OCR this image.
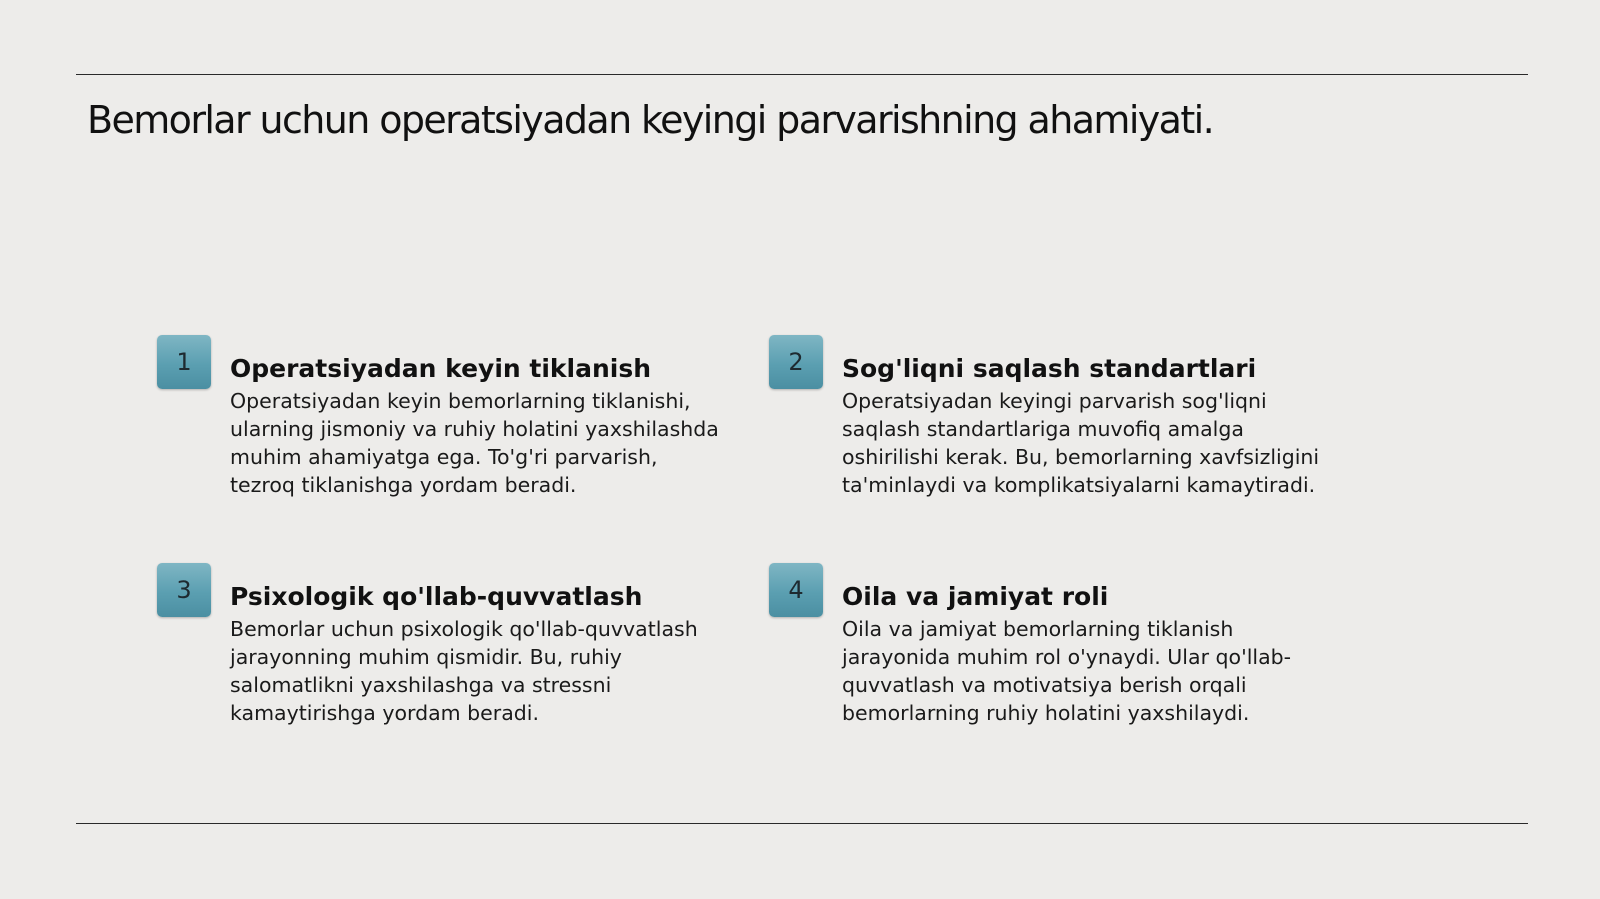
Bemorlar uchun operatsiyadan keyingi parvarishning ahamiyati.
1	Operatsiyadan keyin tiklanish

Operatsiyadan keyin bemorlarning tiklanishi,
ularning jismoniy va ruhiy holatini yaxshilashda
muhim ahamiyatga ega. To'g'ri parvarish,
tezroq tiklanishga yordam beradi.

2	Sog'liqni saqlash standartlari

Operatsiyadan keyingi parvarish sog'liqni
saqlash standartlariga muvofiq amalga
oshirilishi kerak. Bu, bemorlarning xavfsizligini
ta'minlaydi va komplikatsiyalarni kamaytiradi.

3	Psixologik qo'llab-quvvatlash

Bemorlar uchun psixologik qo'llab-quvvatlash
jarayonning muhim qismidir. Bu, ruhiy
salomatlikni yaxshilashga va stressni
kamaytirishga yordam beradi.

4	Oila va jamiyat roli

Oila va jamiyat bemorlarning tiklanish
jarayonida muhim rol o'ynaydi. Ular qo'llab-
quvvatlash va motivatsiya berish orqali
bemorlarning ruhiy holatini yaxshilaydi.
